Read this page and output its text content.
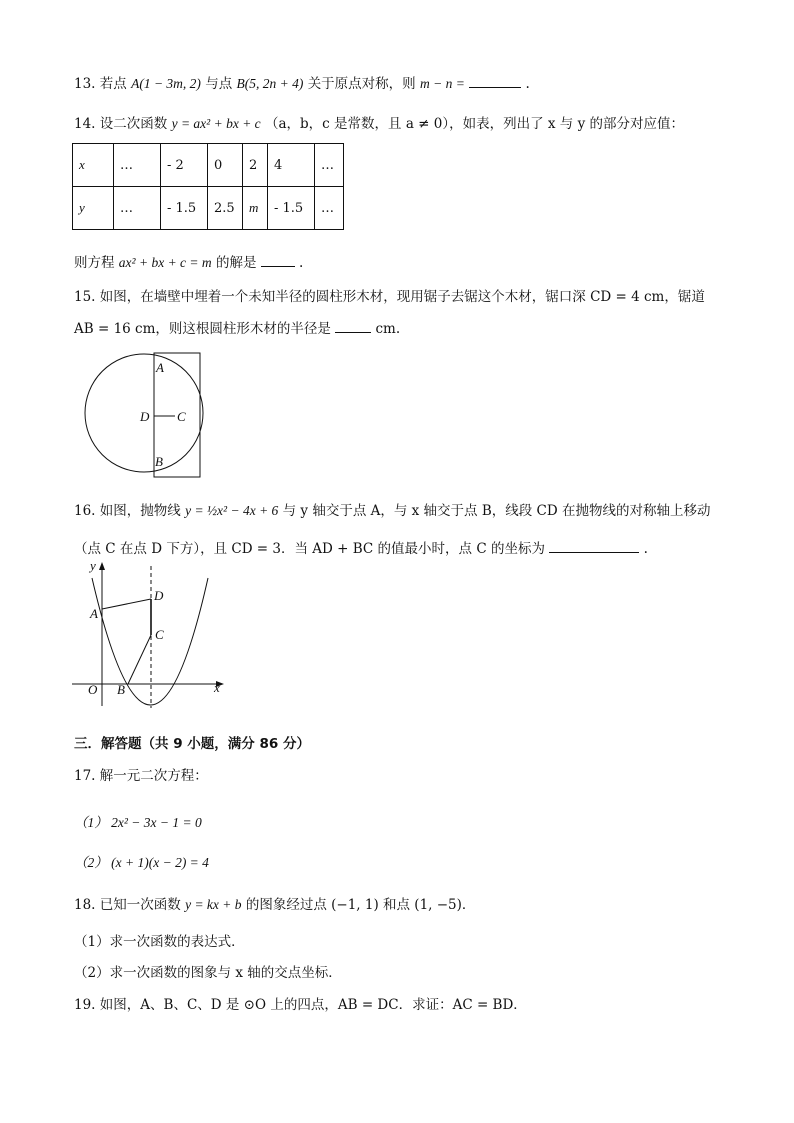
13. 若点 A(1 − 3m, 2) 与点 B(5, 2n + 4) 关于原点对称，则 m − n =	.
14. 设二次函数 y = ax² + bx + c （a，b，c 是常数，且 a ≠ 0），如表，列出了 x 与 y 的部分对应值：
x	…	- 2	0	2	4	…
y	…	- 1.5	2.5	m	- 1.5	…
则方程 ax² + bx + c = m 的解是	.
15. 如图，在墙壁中埋着一个未知半径的圆柱形木材，现用锯子去锯这个木材，锯口深 CD = 4 cm，锯道
AB = 16 cm，则这根圆柱形木材的半径是	cm.
A
D C
B
16. 如图，抛物线 y = ½x² − 4x + 6 与 y 轴交于点 A，与 x 轴交于点 B，线段 CD 在抛物线的对称轴上移动
（点 C 在点 D 下方），且 CD = 3．当 AD + BC 的值最小时，点 C 的坐标为	.
y
x
O
A
B
C
D
三．解答题（共 9 小题，满分 86 分）
17. 解一元二次方程：
（1） 2x² − 3x − 1 = 0
（2） (x + 1)(x − 2) = 4
18. 已知一次函数 y = kx + b 的图象经过点 (−1, 1) 和点 (1, −5)．
（1）求一次函数的表达式．
（2）求一次函数的图象与 x 轴的交点坐标．
19. 如图，A、B、C、D 是 ⊙O 上的四点，AB = DC．求证：AC = BD．
